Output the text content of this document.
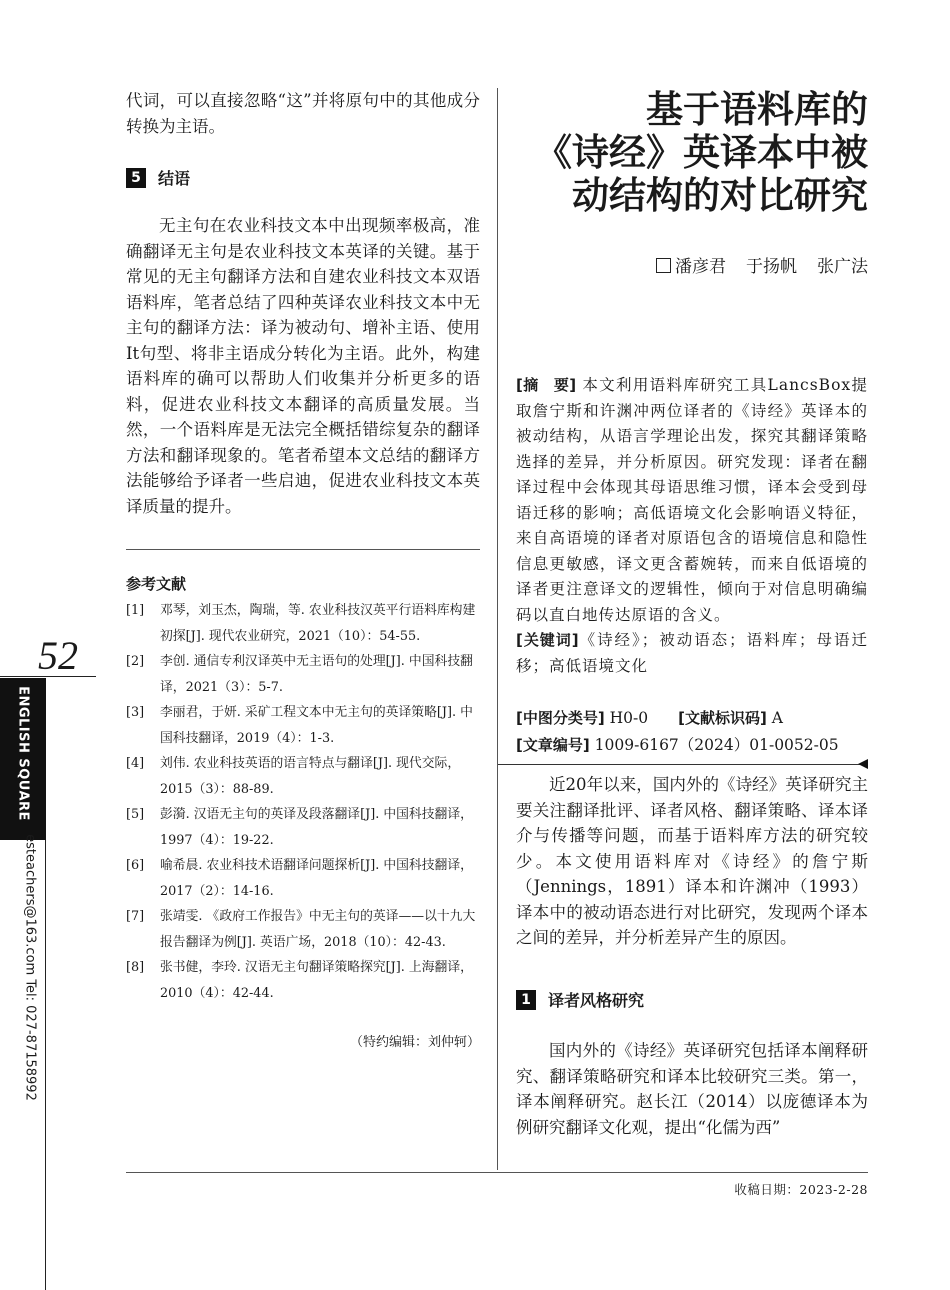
52
ENGLISH SQUARE
esteachers@163.com Tel: 027-87158992

代词，可以直接忽略“这”并将原句中的其他成分转换为主语。

5	结语

无主句在农业科技文本中出现频率极高，准确翻译无主句是农业科技文本英译的关键。基于常见的无主句翻译方法和自建农业科技文本双语语料库，笔者总结了四种英译农业科技文本中无主句的翻译方法：译为被动句、增补主语、使用It句型、将非主语成分转化为主语。此外，构建语料库的确可以帮助人们收集并分析更多的语料，促进农业科技文本翻译的高质量发展。当然，一个语料库是无法完全概括错综复杂的翻译方法和翻译现象的。笔者希望本文总结的翻译方法能够给予译者一些启迪，促进农业科技文本英译质量的提升。

参考文献
[1]	邓琴，刘玉杰，陶瑞，等. 农业科技汉英平行语料库构建初探[J]. 现代农业研究，2021（10）：54-55.
[2]	李创. 通信专利汉译英中无主语句的处理[J]. 中国科技翻译，2021（3）：5-7.
[3]	李丽君，于妍. 采矿工程文本中无主句的英译策略[J]. 中国科技翻译，2019（4）：1-3.
[4]	刘伟. 农业科技英语的语言特点与翻译[J]. 现代交际，2015（3）：88-89.
[5]	彭漪. 汉语无主句的英译及段落翻译[J]. 中国科技翻译，1997（4）：19-22.
[6]	喻希晨. 农业科技术语翻译问题探析[J]. 中国科技翻译，2017（2）：14-16.
[7]	张靖雯. 《政府工作报告》中无主句的英译——以十九大报告翻译为例[J]. 英语广场，2018（10）：42-43.
[8]	张书健，李玲. 汉语无主句翻译策略探究[J]. 上海翻译，2010（4）：42-44.
（特约编辑：刘仲轲）
基于语料库的
《诗经》英译本中被
动结构的对比研究
潘彦君 于扬帆 张广法
[摘　要] 本文利用语料库研究工具LancsBox提取詹宁斯和许渊冲两位译者的《诗经》英译本的被动结构，从语言学理论出发，探究其翻译策略选择的差异，并分析原因。研究发现：译者在翻译过程中会体现其母语思维习惯，译本会受到母语迁移的影响；高低语境文化会影响语义特征，来自高语境的译者对原语包含的语境信息和隐性信息更敏感，译文更含蓄婉转，而来自低语境的译者更注意译文的逻辑性，倾向于对信息明确编码以直白地传达原语的含义。
[关键词]《诗经》；被动语态；语料库；母语迁移；高低语境文化
[中图分类号] H0-0 [文献标识码] A
[文章编号] 1009-6167（2024）01-0052-05

近20年以来，国内外的《诗经》英译研究主要关注翻译批评、译者风格、翻译策略、译本译介与传播等问题，而基于语料库方法的研究较少。本文使用语料库对《诗经》的詹宁斯（Jennings，1891）译本和许渊冲（1993）译本中的被动语态进行对比研究，发现两个译本之间的差异，并分析差异产生的原因。

1	译者风格研究

国内外的《诗经》英译研究包括译本阐释研究、翻译策略研究和译本比较研究三类。第一，译本阐释研究。赵长江（2014）以庞德译本为例研究翻译文化观，提出“化儒为西”

收稿日期：2023-2-28
